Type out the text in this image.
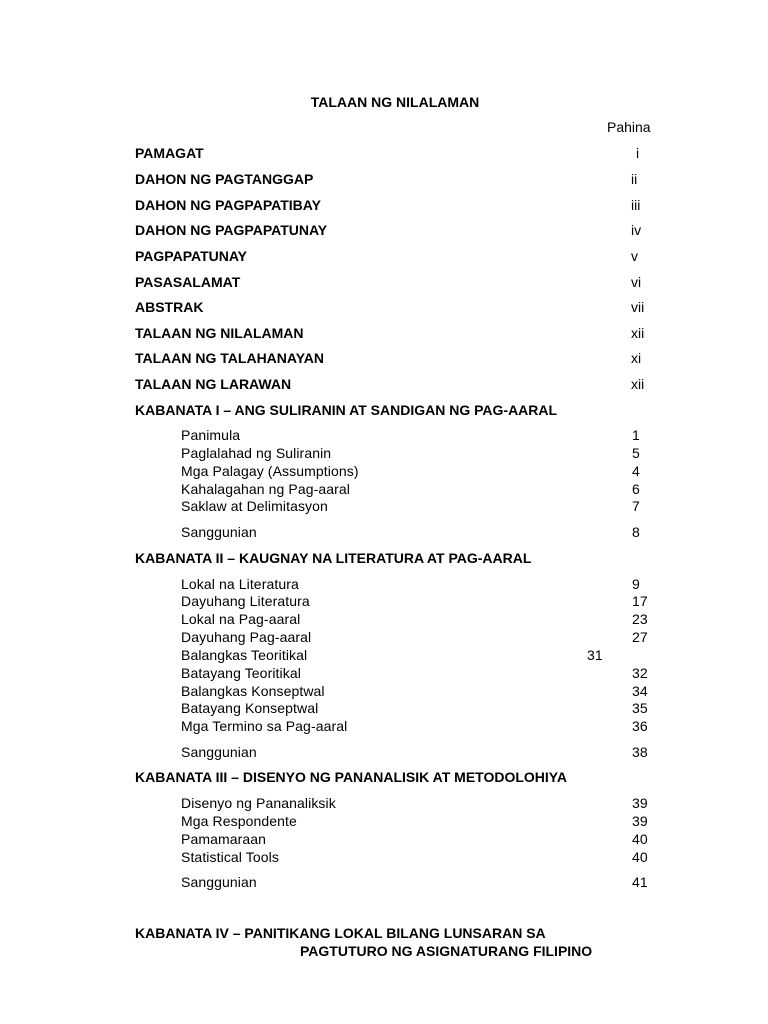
TALAAN NG NILALAMAN
Pahina
PAMAGAT	i
DAHON NG PAGTANGGAP	ii
DAHON NG PAGPAPATIBAY	iii
DAHON NG PAGPAPATUNAY	iv
PAGPAPATUNAY	v
PASASALAMAT	vi
ABSTRAK	vii
TALAAN NG NILALAMAN	xii
TALAAN NG TALAHANAYAN	xi
TALAAN NG LARAWAN	xii
KABANATA I – ANG SULIRANIN AT SANDIGAN NG PAG-AARAL
Panimula	1
Paglalahad ng Suliranin	5
Mga Palagay (Assumptions)	4
Kahalagahan ng Pag-aaral	6
Saklaw at Delimitasyon	7
Sanggunian	8
KABANATA II – KAUGNAY NA LITERATURA AT PAG-AARAL
Lokal na Literatura	9
Dayuhang Literatura	17
Lokal na Pag-aaral	23
Dayuhang Pag-aaral	27
Balangkas Teoritikal	31
Batayang Teoritikal	32
Balangkas Konseptwal	34
Batayang Konseptwal	35
Mga Termino sa Pag-aaral	36
Sanggunian	38
KABANATA III – DISENYO NG PANANALISIK AT METODOLOHIYA
Disenyo ng Pananaliksik	39
Mga Respondente	39
Pamamaraan	40
Statistical Tools	40
Sanggunian	41
KABANATA IV – PANITIKANG LOKAL BILANG LUNSARAN SA
PAGTUTURO NG ASIGNATURANG FILIPINO
